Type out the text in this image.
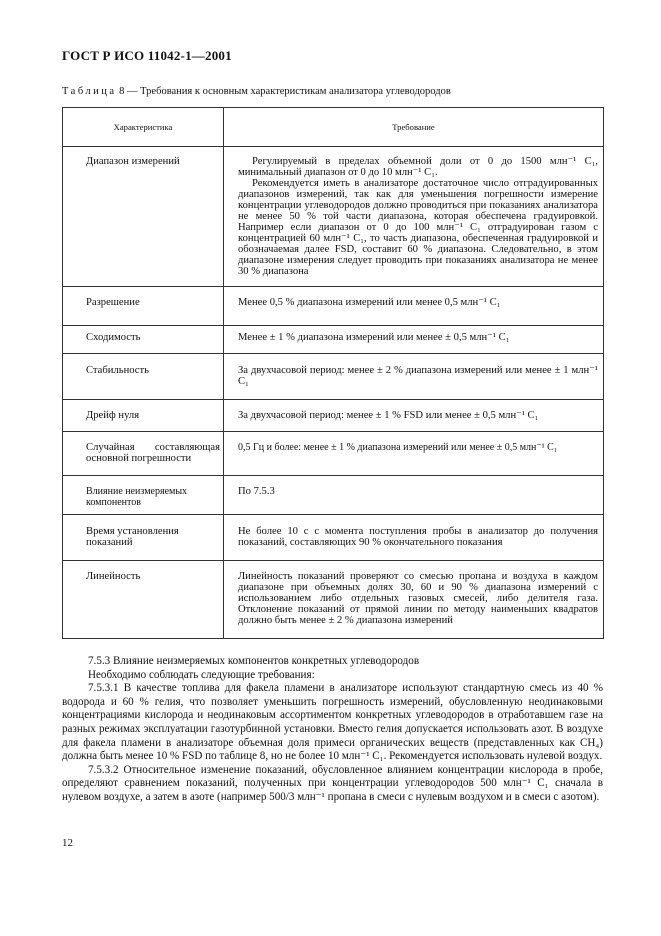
ГОСТ Р ИСО 11042-1—2001
Таблица 8 — Требования к основным характеристикам анализатора углеводородов
Характеристика	Требование

Диапазон измерений	Регулируемый в пределах объемной доли от 0 до 1500 млн⁻¹ C₁, минимальный диапазон от 0 до 10 млн⁻¹ C₁.
Рекомендуется иметь в анализаторе достаточное число отградуированных диапазонов измерений, так как для уменьшения погрешности измерение концентрации углеводородов должно проводиться при показаниях анализатора не менее 50 % той части диапазона, которая обеспечена градуировкой. Например если диапазон от 0 до 100 млн⁻¹ C₁ отградуирован газом с концентрацией 60 млн⁻¹ C₁, то часть диапазона, обеспеченная градуировкой и обозначаемая далее FSD, составит 60 % диапазона. Следовательно, в этом диапазоне измерения следует проводить при показаниях анализатора не менее 30 % диапазона

Разрешение	Менее 0,5 % диапазона измерений или менее 0,5 млн⁻¹ C₁

Сходимость	Менее ± 1 % диапазона измерений или менее ± 0,5 млн⁻¹ C₁

Стабильность	За двухчасовой период: менее ± 2 % диапазона измерений или менее ± 1 млн⁻¹ C₁

Дрейф нуля	За двухчасовой период: менее ± 1 % FSD или менее ± 0,5 млн⁻¹ C₁

Случайная составляющая основной погрешности	0,5 Гц и более: менее ± 1 % диапазона измерений или менее ± 0,5 млн⁻¹ C₁

Влияние неизмеряемых компонентов	По 7.5.3

Время установления показаний	Не более 10 с с момента поступления пробы в анализатор до получения показаний, составляющих 90 % окончательного показания

Линейность	Линейность показаний проверяют со смесью пропана и воздуха в каждом диапазоне при объемных долях 30, 60 и 90 % диапазона измерений с использованием либо отдельных газовых смесей, либо делителя газа. Отклонение показаний от прямой линии по методу наименьших квадратов должно быть менее ± 2 % диапазона измерений

7.5.3 Влияние неизмеряемых компонентов конкретных углеводородов

Необходимо соблюдать следующие требования:

7.5.3.1 В качестве топлива для факела пламени в анализаторе используют стандартную смесь из 40 % водорода и 60 % гелия, что позволяет уменьшить погрешность измерений, обусловленную неодинаковыми концентрациями кислорода и неодинаковым ассортиментом конкретных углеводородов в отработавшем газе на разных режимах эксплуатации газотурбинной установки. Вместо гелия допускается использовать азот. В воздухе для факела пламени в анализаторе объемная доля примеси органических веществ (представленных как CH₄) должна быть менее 10 % FSD по таблице 8, но не более 10 млн⁻¹ C₁. Рекомендуется использовать нулевой воздух.

7.5.3.2 Относительное изменение показаний, обусловленное влиянием концентрации кислорода в пробе, определяют сравнением показаний, полученных при концентрации углеводородов 500 млн⁻¹ C₁ сначала в нулевом воздухе, а затем в азоте (например 500/3 млн⁻¹ пропана в смеси с нулевым воздухом и в смеси с азотом).

12
